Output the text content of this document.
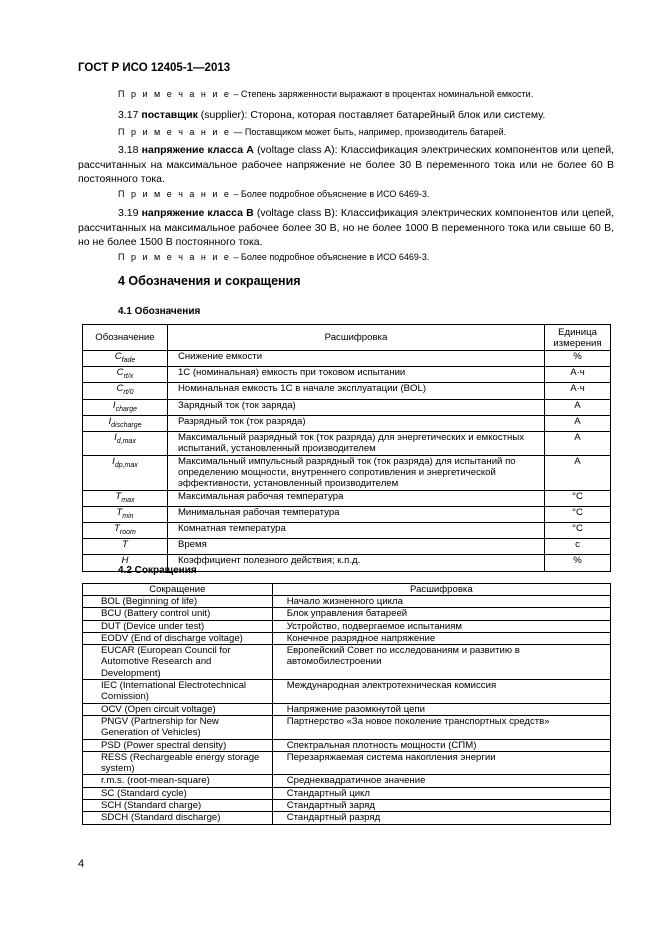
ГОСТ Р ИСО 12405-1—2013
П р и м е ч а н и е – Степень заряженности выражают в процентах номинальной емкости.
3.17 поставщик (supplier): Сторона, которая поставляет батарейный блок или систему.
П р и м е ч а н и е — Поставщиком может быть, например, производитель батарей.
3.18 напряжение класса А (voltage class A): Классификация электрических компонентов или цепей, рассчитанных на максимальное рабочее напряжение не более 30 В переменного тока или не более 60 В постоянного тока.
П р и м е ч а н и е – Более подробное объяснение в ИСО 6469-3.
3.19 напряжение класса В (voltage class B): Классификация электрических компонентов или цепей, рассчитанных на максимальное рабочее более 30 В, но не более 1000 В переменного тока или свыше 60 В, но не более 1500 В постоянного тока.
П р и м е ч а н и е – Более подробное объяснение в ИСО 6469-3.
4 Обозначения и сокращения
4.1 Обозначения
Обозначение	Расшифровка	Единица измерения
$C_{fade}$	Снижение емкости	%
$C_{rt/x}$	1С (номинальная) емкость при токовом испытании	А·ч
$C_{rt/0}$	Номинальная емкость 1С в начале эксплуатации (BOL)	А·ч
$I_{charge}$	Зарядный ток (ток заряда)	А
$I_{discharge}$	Разрядный ток (ток разряда)	А
$I_{d,max}$	Максимальный разрядный ток (ток разряда) для энергетических и емкостных испытаний, установленный производителем	А
$I_{dp,max}$	Максимальный импульсный разрядный ток (ток разряда) для испытаний по определению мощности, внутреннего сопротивления и энергетической эффективности, установленный производителем	А
$T_{max}$	Максимальная рабочая температура	°C
$T_{min}$	Минимальная рабочая температура	°C
$T_{room}$	Комнатная температура	°C
T	Время	с
H	Коэффициент полезного действия; к.п.д.	%
4.2 Сокращения
Сокращение	Расшифровка
BOL (Beginning of life)	Начало жизненного цикла
BCU (Battery control unit)	Блок управления батареей
DUT (Device under test)	Устройство, подвергаемое испытаниям
EODV (End of discharge voltage)	Конечное разрядное напряжение
EUCAR (European Council for Automotive Research and Development)	Европейский Совет по исследованиям и развитию в автомобилестроении
IEC (International Electrotechnical Comission)	Международная электротехническая комиссия
OCV (Open circuit voltage)	Напряжение разомкнутой цепи
PNGV (Partnership for New Generation of Vehicles)	Партнерство «За новое поколение транспортных средств»
PSD (Power spectral density)	Спектральная плотность мощности (СПМ)
RESS (Rechargeable energy storage system)	Перезаряжаемая система накопления энергии
r.m.s. (root-mean-square)	Среднеквадратичное значение
SC (Standard cycle)	Стандартный цикл
SCH (Standard charge)	Стандартный заряд
SDCH (Standard discharge)	Стандартный разряд
4
